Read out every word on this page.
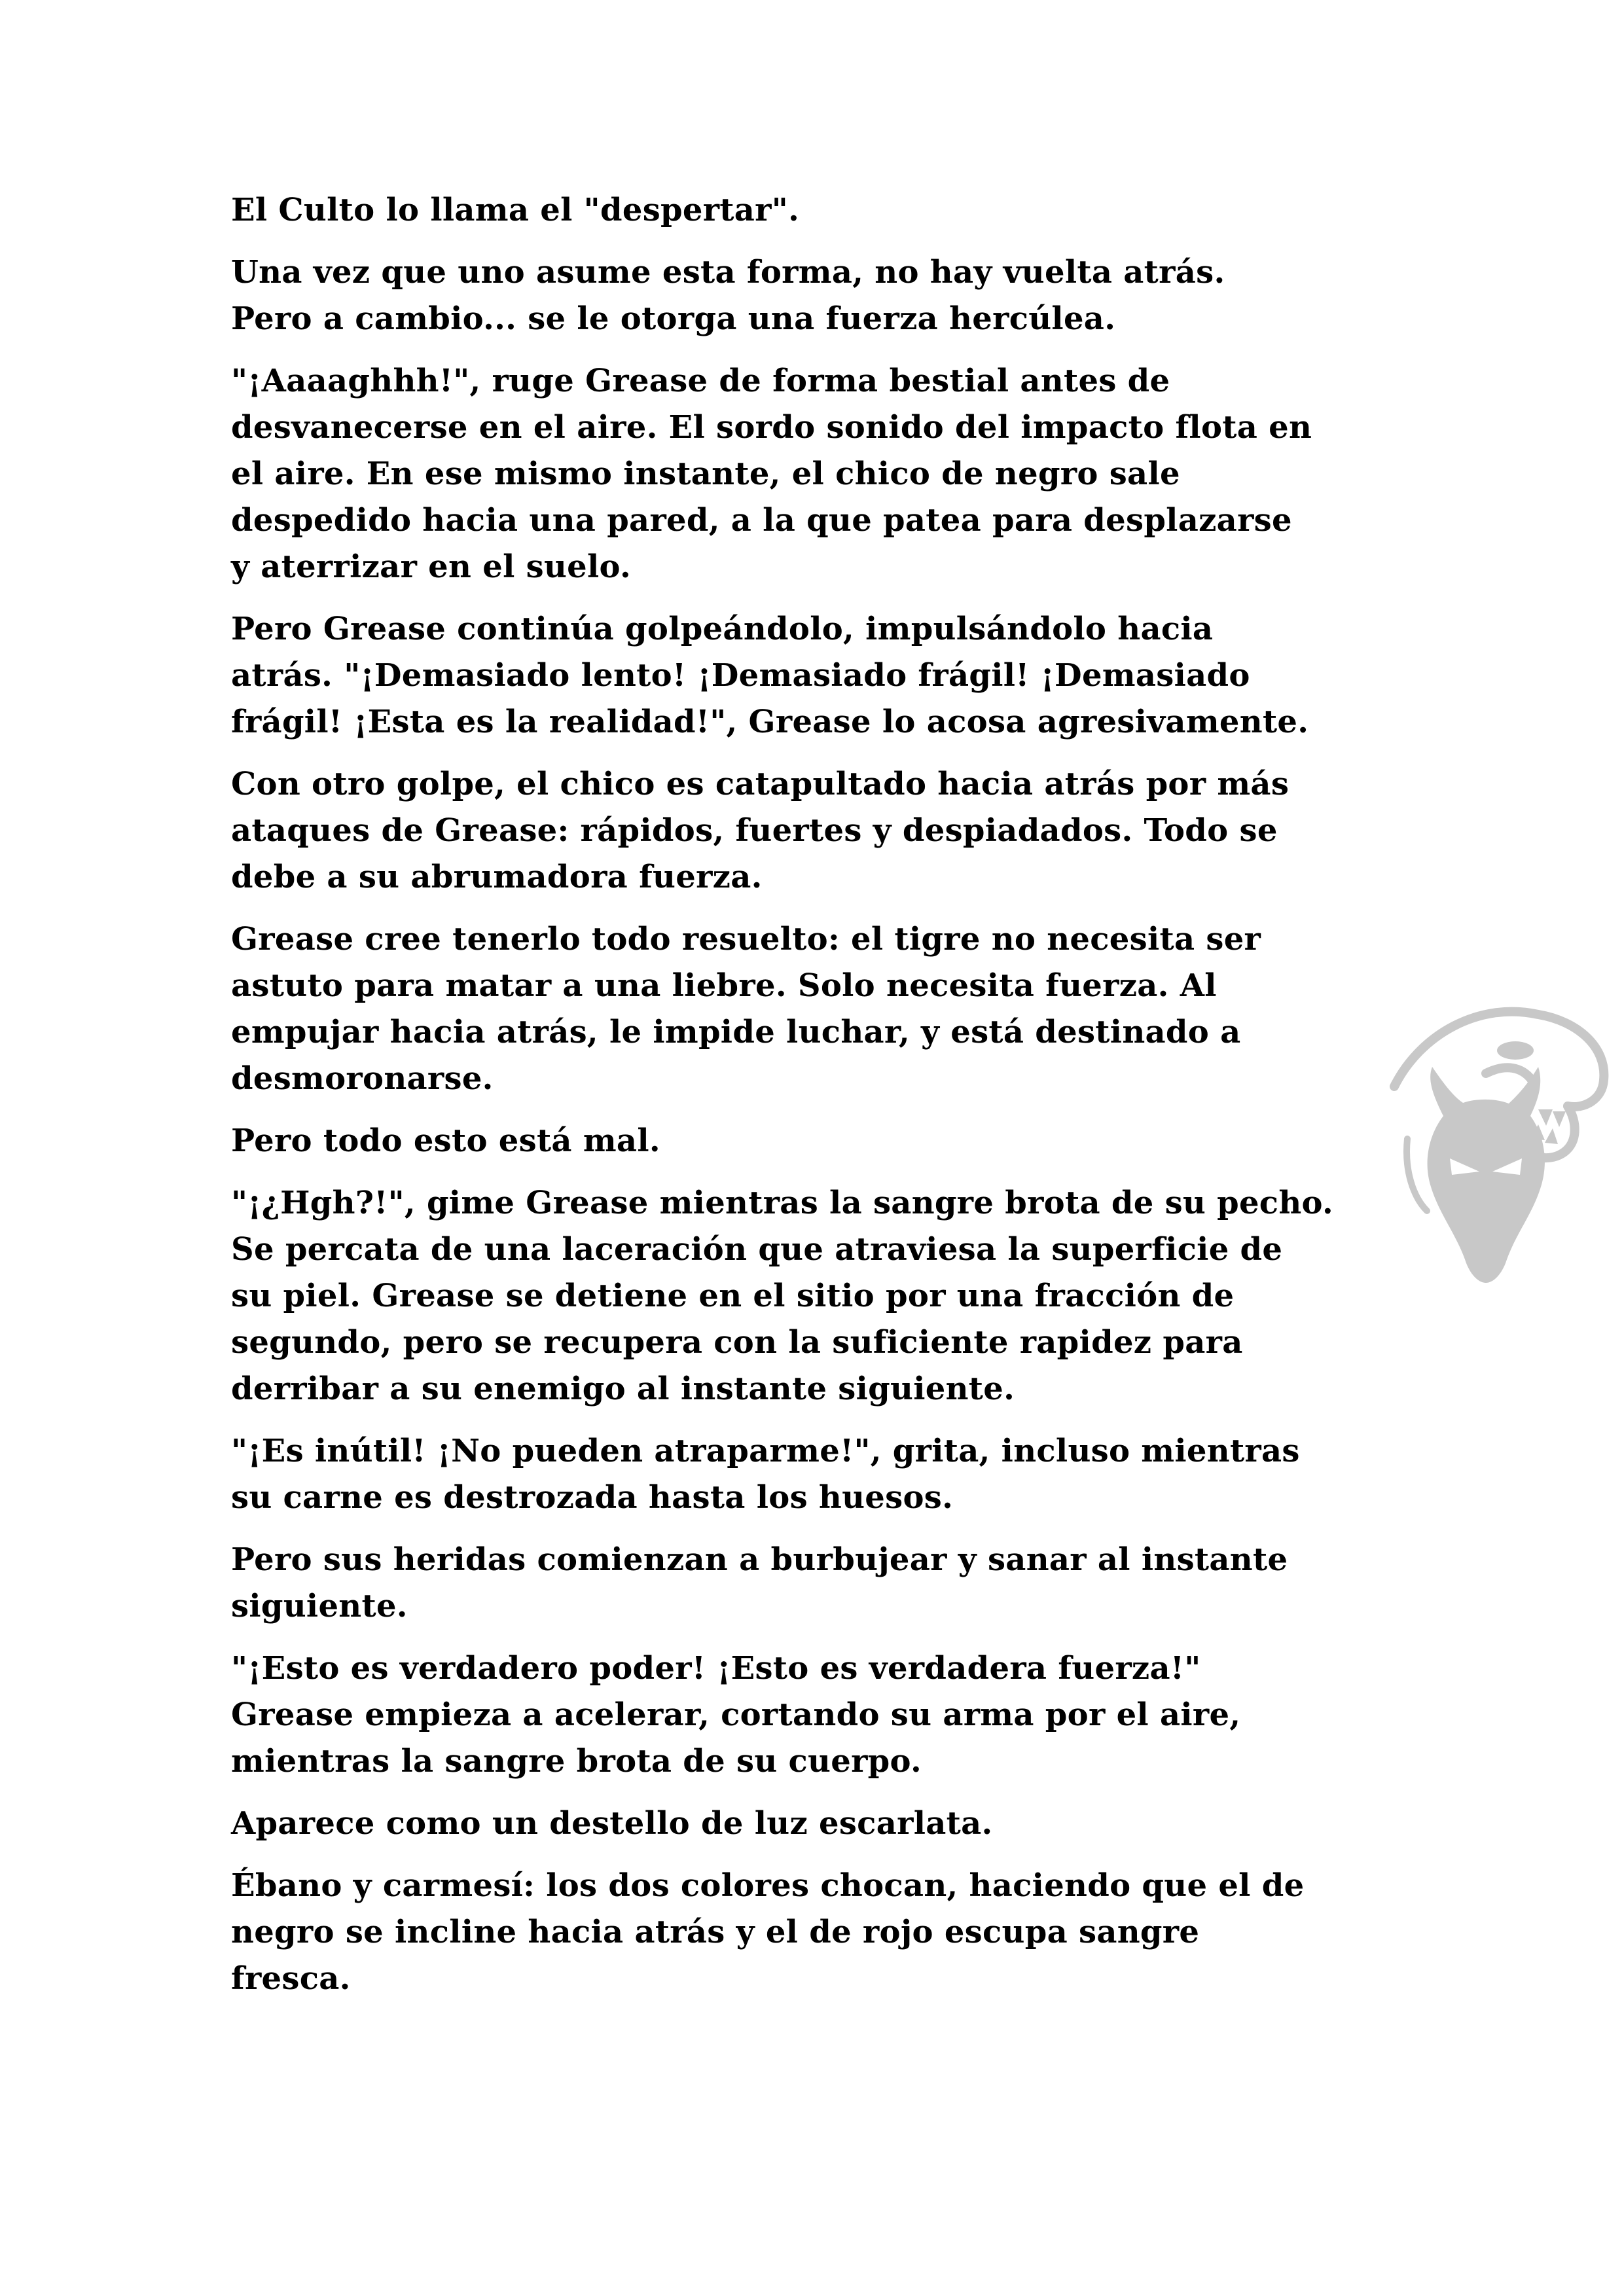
El Culto lo llama el "despertar".

Una vez que uno asume esta forma, no hay vuelta atrás.
Pero a cambio... se le otorga una fuerza hercúlea.

"¡Aaaaghhh!", ruge Grease de forma bestial antes de
desvanecerse en el aire. El sordo sonido del impacto flota en
el aire. En ese mismo instante, el chico de negro sale
despedido hacia una pared, a la que patea para desplazarse
y aterrizar en el suelo.

Pero Grease continúa golpeándolo, impulsándolo hacia
atrás. "¡Demasiado lento! ¡Demasiado frágil! ¡Demasiado
frágil! ¡Esta es la realidad!", Grease lo acosa agresivamente.

Con otro golpe, el chico es catapultado hacia atrás por más
ataques de Grease: rápidos, fuertes y despiadados. Todo se
debe a su abrumadora fuerza.

Grease cree tenerlo todo resuelto: el tigre no necesita ser
astuto para matar a una liebre. Solo necesita fuerza. Al
empujar hacia atrás, le impide luchar, y está destinado a
desmoronarse.

Pero todo esto está mal.

"¡¿Hgh?!", gime Grease mientras la sangre brota de su pecho.
Se percata de una laceración que atraviesa la superficie de
su piel. Grease se detiene en el sitio por una fracción de
segundo, pero se recupera con la suficiente rapidez para
derribar a su enemigo al instante siguiente.

"¡Es inútil! ¡No pueden atraparme!", grita, incluso mientras
su carne es destrozada hasta los huesos.

Pero sus heridas comienzan a burbujear y sanar al instante
siguiente.

"¡Esto es verdadero poder! ¡Esto es verdadera fuerza!"
Grease empieza a acelerar, cortando su arma por el aire,
mientras la sangre brota de su cuerpo.

Aparece como un destello de luz escarlata.

Ébano y carmesí: los dos colores chocan, haciendo que el de
negro se incline hacia atrás y el de rojo escupa sangre
fresca.
